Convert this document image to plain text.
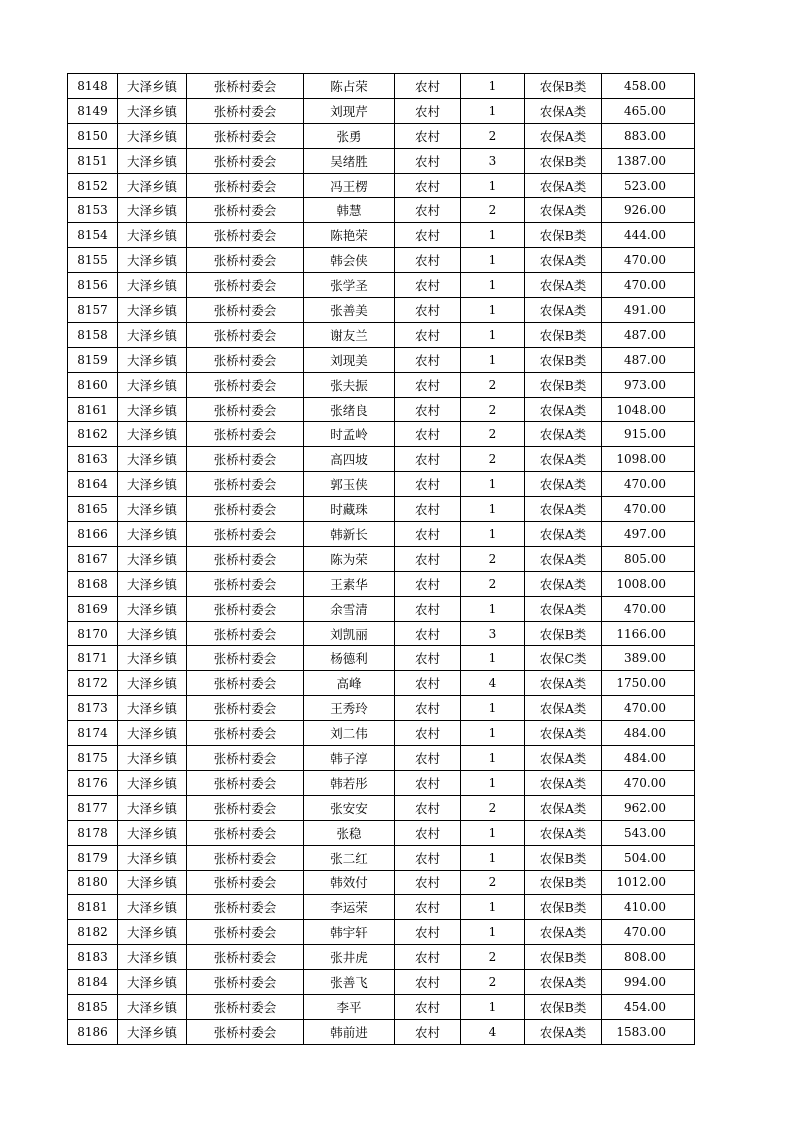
8148	大泽乡镇	张桥村委会	陈占荣	农村	1	农保B类	458.00
8149	大泽乡镇	张桥村委会	刘现芹	农村	1	农保A类	465.00
8150	大泽乡镇	张桥村委会	张勇	农村	2	农保A类	883.00
8151	大泽乡镇	张桥村委会	吴绪胜	农村	3	农保B类	1387.00
8152	大泽乡镇	张桥村委会	冯王楞	农村	1	农保A类	523.00
8153	大泽乡镇	张桥村委会	韩慧	农村	2	农保A类	926.00
8154	大泽乡镇	张桥村委会	陈艳荣	农村	1	农保B类	444.00
8155	大泽乡镇	张桥村委会	韩会侠	农村	1	农保A类	470.00
8156	大泽乡镇	张桥村委会	张学圣	农村	1	农保A类	470.00
8157	大泽乡镇	张桥村委会	张善美	农村	1	农保A类	491.00
8158	大泽乡镇	张桥村委会	谢友兰	农村	1	农保B类	487.00
8159	大泽乡镇	张桥村委会	刘现美	农村	1	农保B类	487.00
8160	大泽乡镇	张桥村委会	张夫振	农村	2	农保B类	973.00
8161	大泽乡镇	张桥村委会	张绪良	农村	2	农保A类	1048.00
8162	大泽乡镇	张桥村委会	时孟岭	农村	2	农保A类	915.00
8163	大泽乡镇	张桥村委会	高四坡	农村	2	农保A类	1098.00
8164	大泽乡镇	张桥村委会	郭玉侠	农村	1	农保A类	470.00
8165	大泽乡镇	张桥村委会	时藏珠	农村	1	农保A类	470.00
8166	大泽乡镇	张桥村委会	韩新长	农村	1	农保A类	497.00
8167	大泽乡镇	张桥村委会	陈为荣	农村	2	农保A类	805.00
8168	大泽乡镇	张桥村委会	王素华	农村	2	农保A类	1008.00
8169	大泽乡镇	张桥村委会	余雪清	农村	1	农保A类	470.00
8170	大泽乡镇	张桥村委会	刘凯丽	农村	3	农保B类	1166.00
8171	大泽乡镇	张桥村委会	杨德利	农村	1	农保C类	389.00
8172	大泽乡镇	张桥村委会	高峰	农村	4	农保A类	1750.00
8173	大泽乡镇	张桥村委会	王秀玲	农村	1	农保A类	470.00
8174	大泽乡镇	张桥村委会	刘二伟	农村	1	农保A类	484.00
8175	大泽乡镇	张桥村委会	韩子淳	农村	1	农保A类	484.00
8176	大泽乡镇	张桥村委会	韩若彤	农村	1	农保A类	470.00
8177	大泽乡镇	张桥村委会	张安安	农村	2	农保A类	962.00
8178	大泽乡镇	张桥村委会	张稳	农村	1	农保A类	543.00
8179	大泽乡镇	张桥村委会	张二红	农村	1	农保B类	504.00
8180	大泽乡镇	张桥村委会	韩效付	农村	2	农保B类	1012.00
8181	大泽乡镇	张桥村委会	李运荣	农村	1	农保B类	410.00
8182	大泽乡镇	张桥村委会	韩宇轩	农村	1	农保A类	470.00
8183	大泽乡镇	张桥村委会	张井虎	农村	2	农保B类	808.00
8184	大泽乡镇	张桥村委会	张善飞	农村	2	农保A类	994.00
8185	大泽乡镇	张桥村委会	李平	农村	1	农保B类	454.00
8186	大泽乡镇	张桥村委会	韩前进	农村	4	农保A类	1583.00
